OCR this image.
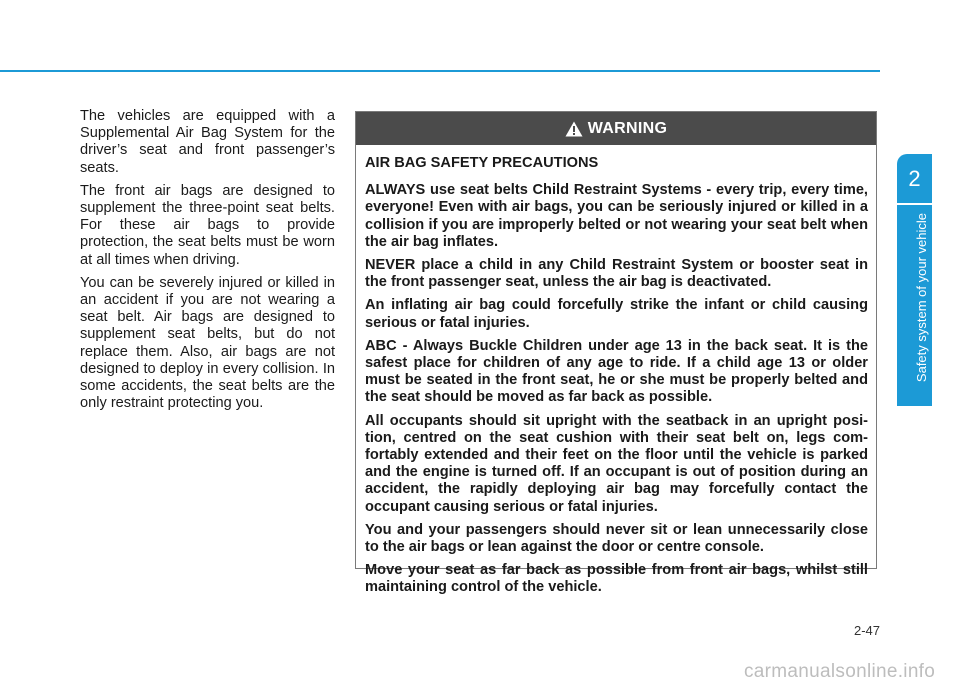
The vehicles are equipped with a Supplemental Air Bag System for the driver’s seat and front passenger’s seats.

The front air bags are designed to supplement the three-point seat belts. For these air bags to provide protection, the seat belts must be worn at all times when driving.

You can be severely injured or killed in an accident if you are not wearing a seat belt. Air bags are designed to supplement seat belts, but do not replace them. Also, air bags are not designed to deploy in every collision. In some accidents, the seat belts are the only restraint protecting you.

WARNING

AIR BAG SAFETY PRECAUTIONS

ALWAYS use seat belts Child Restraint Systems - every trip, every time, everyone! Even with air bags, you can be seriously injured or killed in a collision if you are improperly belted or not wearing your seat belt when the air bag inflates.

NEVER place a child in any Child Restraint System or booster seat in the front passenger seat, unless the air bag is deactivated.

An inflating air bag could forcefully strike the infant or child causing serious or fatal injuries.

ABC - Always Buckle Children under age 13 in the back seat. It is the safest place for children of any age to ride. If a child age 13 or older must be seated in the front seat, he or she must be properly belted and the seat should be moved as far back as possible.

All occupants should sit upright with the seatback in an upright posi-tion, centred on the seat cushion with their seat belt on, legs com-fortably extended and their feet on the floor until the vehicle is parked and the engine is turned off. If an occupant is out of position during an accident, the rapidly deploying air bag may forcefully contact the occupant causing serious or fatal injuries.

You and your passengers should never sit or lean unnecessarily close to the air bags or lean against the door or centre console.

Move your seat as far back as possible from front air bags, whilst still maintaining control of the vehicle.

2
Safety system of your vehicle
2-47
carmanualsonline.info
